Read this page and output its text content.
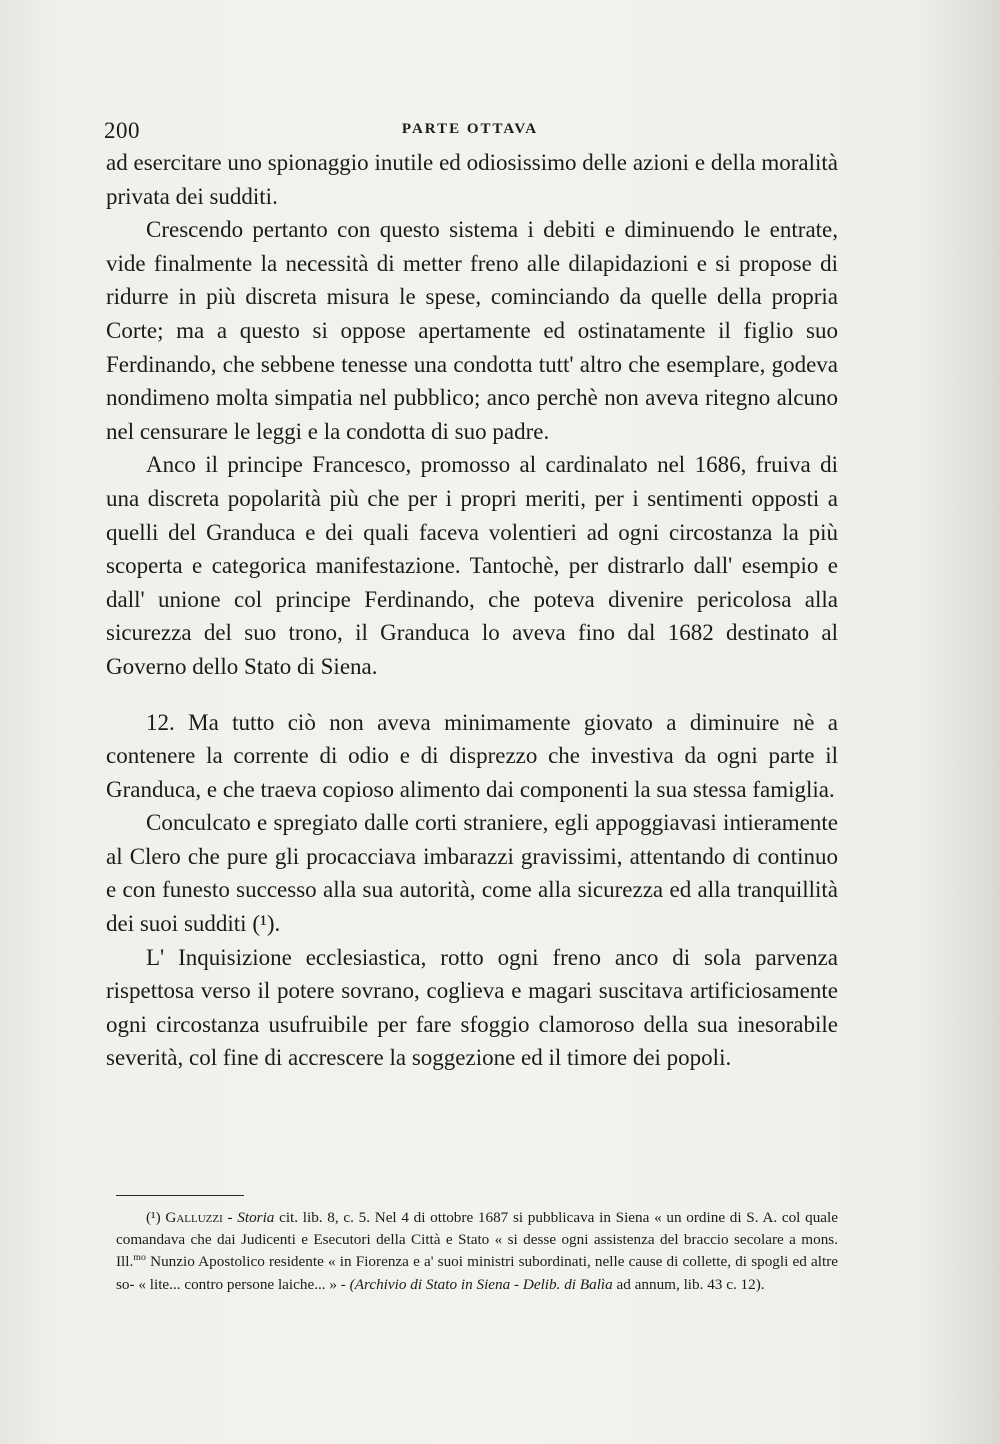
200	PARTE OTTAVA

ad esercitare uno spionaggio inutile ed odiosissimo delle azioni e della moralità privata dei sudditi.

Crescendo pertanto con questo sistema i debiti e diminuendo le entrate, vide finalmente la necessità di metter freno alle dilapidazioni e si propose di ridurre in più discreta misura le spese, cominciando da quelle della propria Corte; ma a questo si oppose apertamente ed ostinatamente il figlio suo Ferdinando, che sebbene tenesse una condotta tutt' altro che esemplare, godeva nondimeno molta simpatia nel pubblico; anco perchè non aveva ritegno alcuno nel censurare le leggi e la condotta di suo padre.

Anco il principe Francesco, promosso al cardinalato nel 1686, fruiva di una discreta popolarità più che per i propri meriti, per i sentimenti opposti a quelli del Granduca e dei quali faceva volentieri ad ogni circostanza la più scoperta e categorica manifestazione. Tantochè, per distrarlo dall' esempio e dall' unione col principe Ferdinando, che poteva divenire pericolosa alla sicurezza del suo trono, il Granduca lo aveva fino dal 1682 destinato al Governo dello Stato di Siena.

12. Ma tutto ciò non aveva minimamente giovato a diminuire nè a contenere la corrente di odio e di disprezzo che investiva da ogni parte il Granduca, e che traeva copioso alimento dai componenti la sua stessa famiglia.

Conculcato e spregiato dalle corti straniere, egli appoggiavasi intieramente al Clero che pure gli procacciava imbarazzi gravissimi, attentando di continuo e con funesto successo alla sua autorità, come alla sicurezza ed alla tranquillità dei suoi sudditi (¹).

L' Inquisizione ecclesiastica, rotto ogni freno anco di sola parvenza rispettosa verso il potere sovrano, coglieva e magari suscitava artificiosamente ogni circostanza usufruibile per fare sfoggio clamoroso della sua inesorabile severità, col fine di accrescere la soggezione ed il timore dei popoli.

(¹) Galluzzi - Storia cit. lib. 8, c. 5. Nel 4 di ottobre 1687 si pubblicava in Siena « un ordine di S. A. col quale comandava che dai Judicenti e Esecutori della Città e Stato « si desse ogni assistenza del braccio secolare a mons. Ill.$^{mo}$ Nunzio Apostolico residente « in Fiorenza e a' suoi ministri subordinati, nelle cause di collette, di spogli ed altre so- « lite... contro persone laiche... » - (Archivio di Stato in Siena - Delib. di Balìa ad annum, lib. 43 c. 12).
